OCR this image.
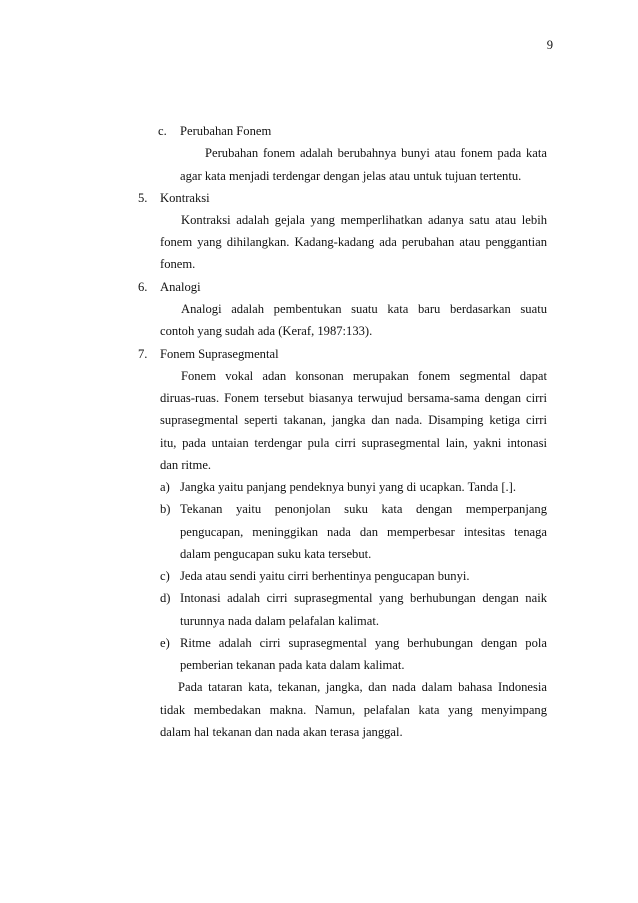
9
c. Perubahan Fonem
Perubahan fonem adalah berubahnya bunyi atau fonem pada kata
agar kata menjadi terdengar dengan jelas atau untuk tujuan tertentu.
5. Kontraksi
Kontraksi adalah gejala yang memperlihatkan adanya satu atau lebih
fonem yang dihilangkan. Kadang-kadang ada perubahan atau penggantian
fonem.
6. Analogi
Analogi adalah pembentukan suatu kata baru berdasarkan suatu
contoh yang sudah ada (Keraf, 1987:133).
7. Fonem Suprasegmental
Fonem vokal adan konsonan merupakan fonem segmental dapat
diruas-ruas. Fonem tersebut biasanya terwujud bersama-sama dengan cirri
suprasegmental seperti takanan, jangka dan nada. Disamping ketiga cirri
itu, pada untaian terdengar pula cirri suprasegmental lain, yakni intonasi
dan ritme.
a) Jangka yaitu panjang pendeknya bunyi yang di ucapkan. Tanda [.].
b) Tekanan yaitu penonjolan suku kata dengan memperpanjang
pengucapan, meninggikan nada dan memperbesar intesitas tenaga
dalam pengucapan suku kata tersebut.
c) Jeda atau sendi yaitu cirri berhentinya pengucapan bunyi.
d) Intonasi adalah cirri suprasegmental yang berhubungan dengan naik
turunnya nada dalam pelafalan kalimat.
e) Ritme adalah cirri suprasegmental yang berhubungan dengan pola
pemberian tekanan pada kata dalam kalimat.
Pada tataran kata, tekanan, jangka, dan nada dalam bahasa Indonesia
tidak membedakan makna. Namun, pelafalan kata yang menyimpang
dalam hal tekanan dan nada akan terasa janggal.
